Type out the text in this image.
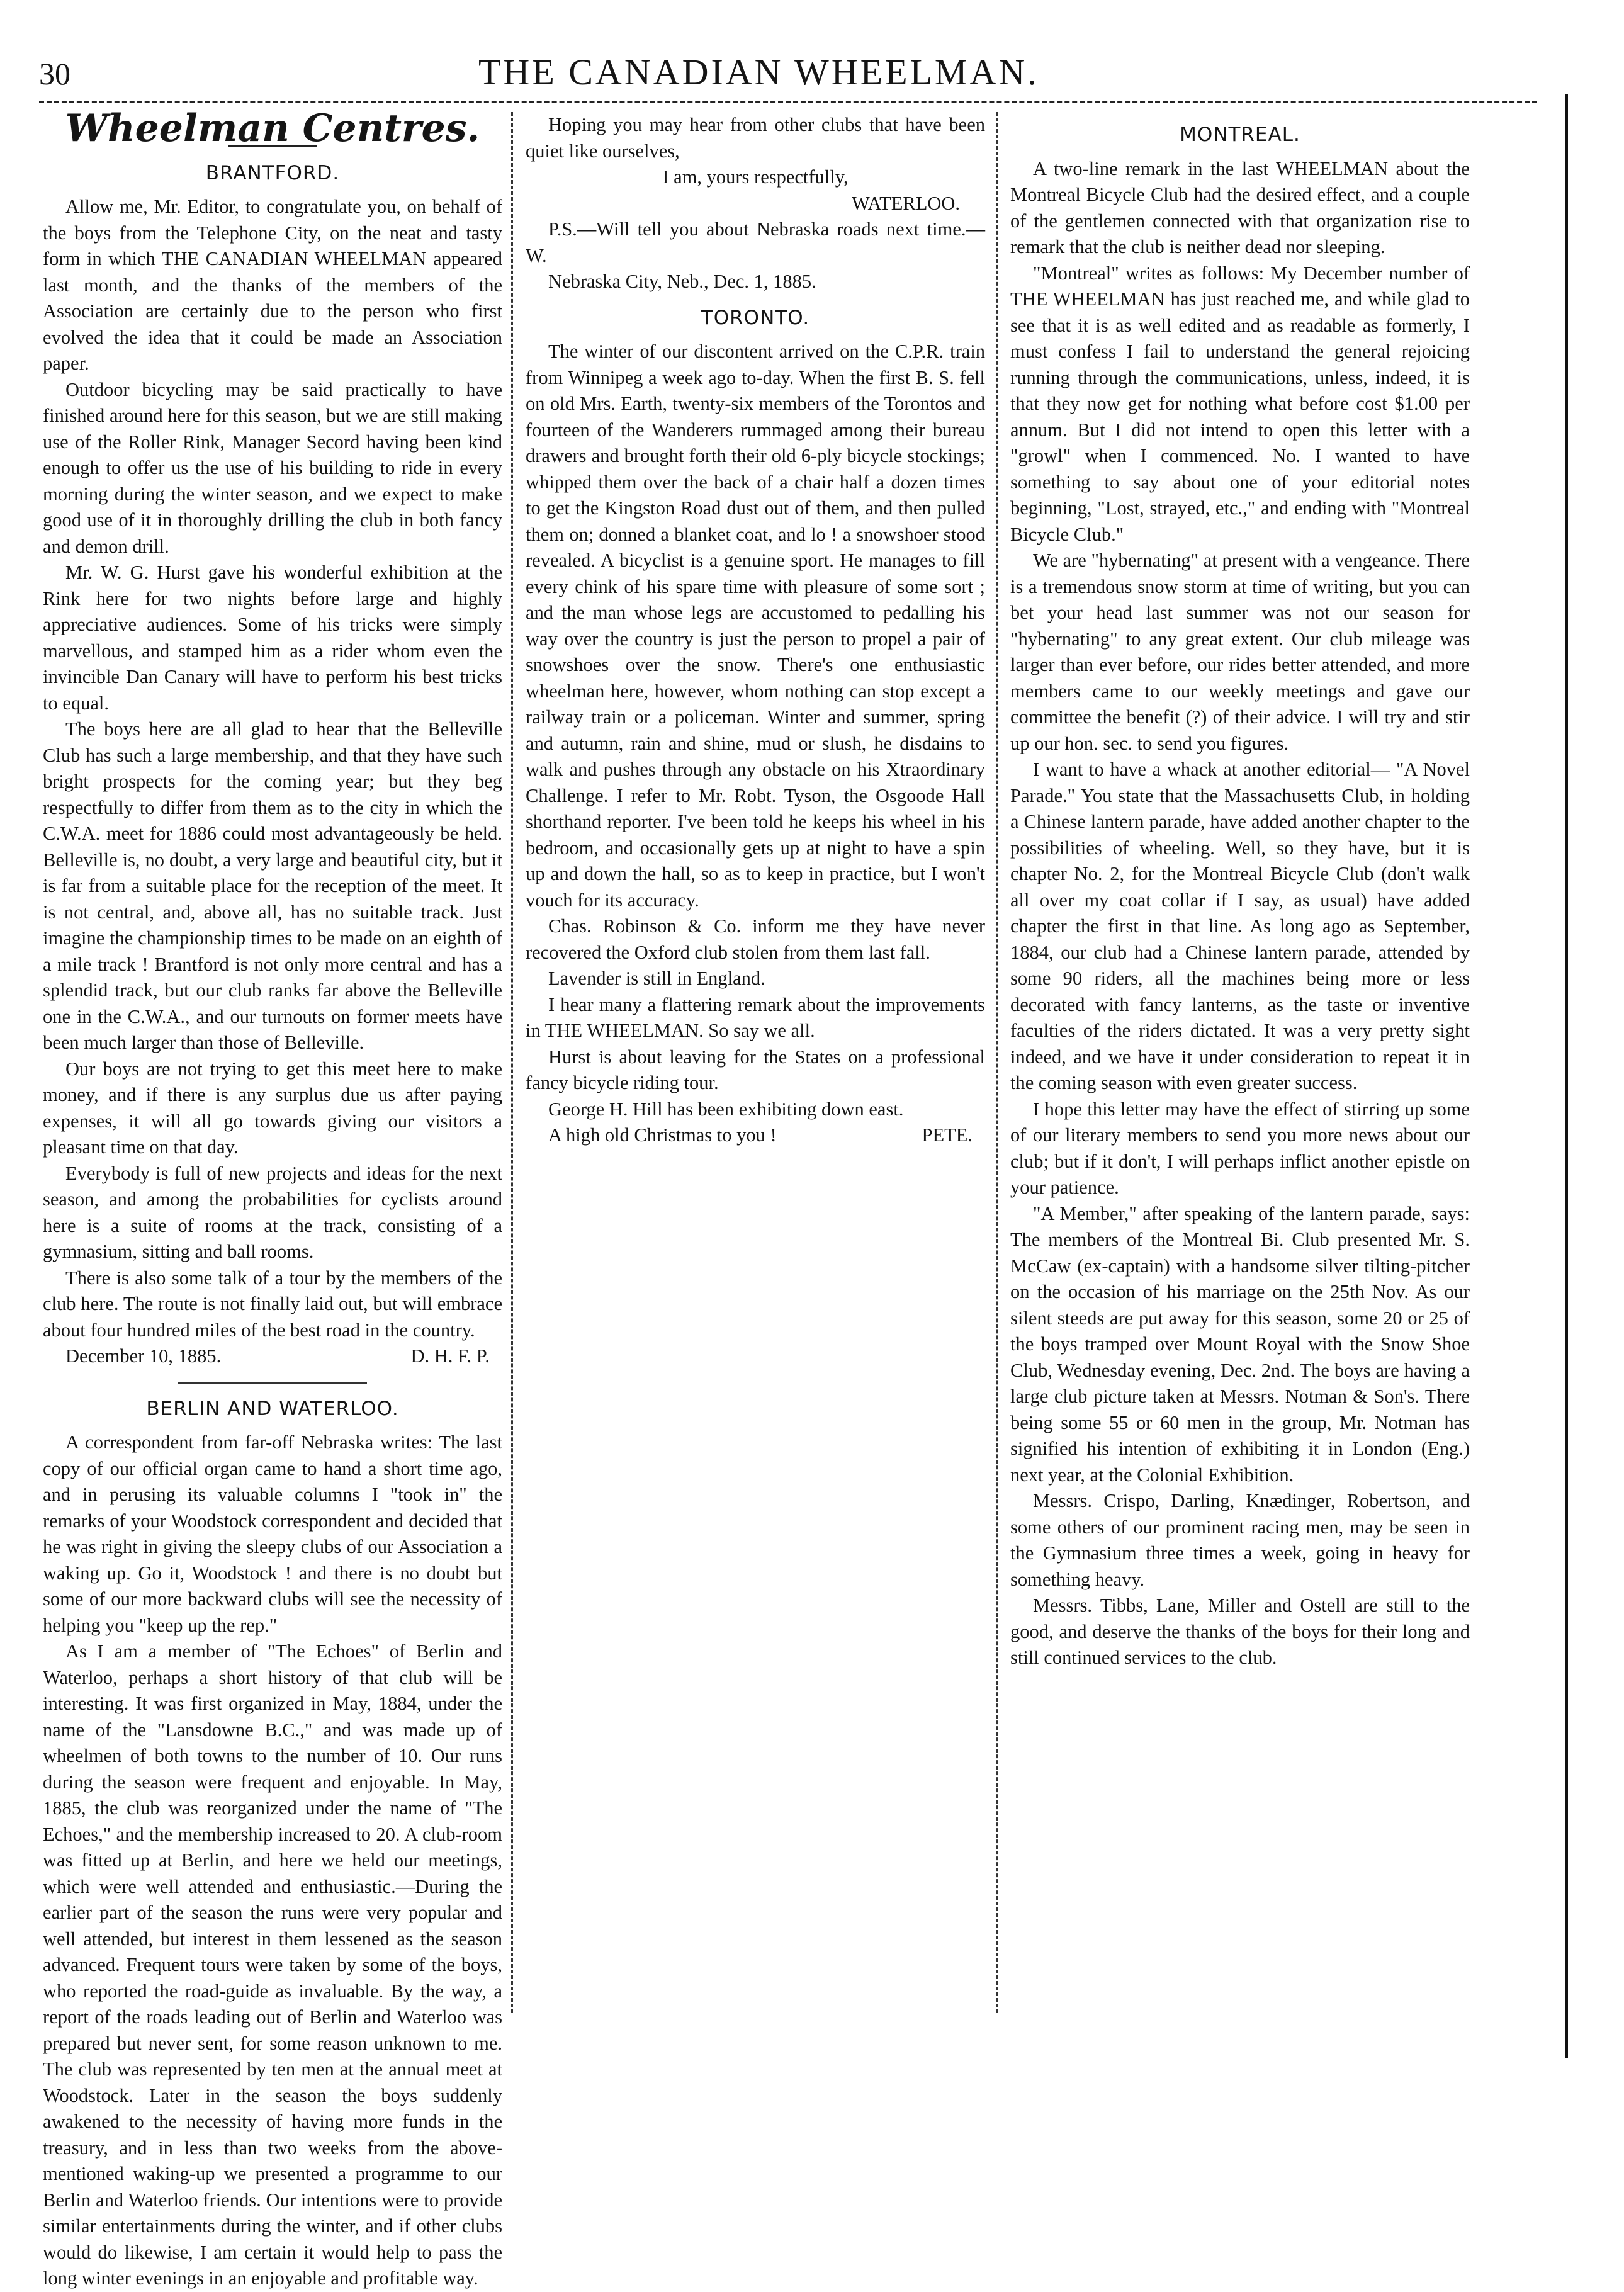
30	THE CANADIAN WHEELMAN.
Wheelman Centres.
BRANTFORD.

Allow me, Mr. Editor, to congratulate you, on behalf of the boys from the Telephone City, on the neat and tasty form in which THE CANADIAN WHEELMAN appeared last month, and the thanks of the members of the Association are certainly due to the person who first evolved the idea that it could be made an Association paper.

Outdoor bicycling may be said practically to have finished around here for this season, but we are still making use of the Roller Rink, Manager Secord having been kind enough to offer us the use of his building to ride in every morning during the winter season, and we expect to make good use of it in thoroughly drilling the club in both fancy and demon drill.

Mr. W. G. Hurst gave his wonderful exhibition at the Rink here for two nights before large and highly appreciative audiences. Some of his tricks were simply marvellous, and stamped him as a rider whom even the invincible Dan Canary will have to perform his best tricks to equal.

The boys here are all glad to hear that the Belleville Club has such a large membership, and that they have such bright prospects for the coming year; but they beg respectfully to differ from them as to the city in which the C.W.A. meet for 1886 could most advantageously be held. Belleville is, no doubt, a very large and beautiful city, but it is far from a suitable place for the reception of the meet. It is not central, and, above all, has no suitable track. Just imagine the championship times to be made on an eighth of a mile track ! Brantford is not only more central and has a splendid track, but our club ranks far above the Belleville one in the C.W.A., and our turnouts on former meets have been much larger than those of Belleville.

Our boys are not trying to get this meet here to make money, and if there is any surplus due us after paying expenses, it will all go towards giving our visitors a pleasant time on that day.

Everybody is full of new projects and ideas for the next season, and among the probabilities for cyclists around here is a suite of rooms at the track, consisting of a gymnasium, sitting and ball rooms.

There is also some talk of a tour by the members of the club here. The route is not finally laid out, but will embrace about four hundred miles of the best road in the country.

December 10, 1885.	D. H. F. P.
BERLIN AND WATERLOO.

A correspondent from far-off Nebraska writes: The last copy of our official organ came to hand a short time ago, and in perusing its valuable columns I "took in" the remarks of your Woodstock correspondent and decided that he was right in giving the sleepy clubs of our Association a waking up. Go it, Woodstock ! and there is no doubt but some of our more backward clubs will see the necessity of helping you "keep up the rep."

As I am a member of "The Echoes" of Berlin and Waterloo, perhaps a short history of that club will be interesting. It was first organized in May, 1884, under the name of the "Lansdowne B.C.," and was made up of wheelmen of both towns to the number of 10. Our runs during the season were frequent and enjoyable. In May, 1885, the club was reorganized under the name of "The Echoes," and the membership increased to 20. A club-room was fitted up at Berlin, and here we held our meetings, which were well attended and enthusiastic.—During the earlier part of the season the runs were very popular and well attended, but interest in them lessened as the season advanced. Frequent tours were taken by some of the boys, who reported the road-guide as invaluable. By the way, a report of the roads leading out of Berlin and Waterloo was prepared but never sent, for some reason unknown to me. The club was represented by ten men at the annual meet at Woodstock. Later in the season the boys suddenly awakened to the necessity of having more funds in the treasury, and in less than two weeks from the above-mentioned waking-up we presented a programme to our Berlin and Waterloo friends. Our intentions were to provide similar entertainments during the winter, and if other clubs would do likewise, I am certain it would help to pass the long winter evenings in an enjoyable and profitable way.

Hoping you may hear from other clubs that have been quiet like ourselves,

I am, yours respectfully,

WATERLOO.

P.S.—Will tell you about Nebraska roads next time.—W.

Nebraska City, Neb., Dec. 1, 1885.

TORONTO.

The winter of our discontent arrived on the C.P.R. train from Winnipeg a week ago to-day. When the first B. S. fell on old Mrs. Earth, twenty-six members of the Torontos and fourteen of the Wanderers rummaged among their bureau drawers and brought forth their old 6-ply bicycle stockings; whipped them over the back of a chair half a dozen times to get the Kingston Road dust out of them, and then pulled them on; donned a blanket coat, and lo ! a snowshoer stood revealed. A bicyclist is a genuine sport. He manages to fill every chink of his spare time with pleasure of some sort ; and the man whose legs are accustomed to pedalling his way over the country is just the person to propel a pair of snowshoes over the snow. There's one enthusiastic wheelman here, however, whom nothing can stop except a railway train or a policeman. Winter and summer, spring and autumn, rain and shine, mud or slush, he disdains to walk and pushes through any obstacle on his Xtraordinary Challenge. I refer to Mr. Robt. Tyson, the Osgoode Hall shorthand reporter. I've been told he keeps his wheel in his bedroom, and occasionally gets up at night to have a spin up and down the hall, so as to keep in practice, but I won't vouch for its accuracy.

Chas. Robinson & Co. inform me they have never recovered the Oxford club stolen from them last fall.

Lavender is still in England.

I hear many a flattering remark about the improvements in THE WHEELMAN. So say we all.

Hurst is about leaving for the States on a professional fancy bicycle riding tour.

George H. Hill has been exhibiting down east.

A high old Christmas to you !	PETE.
MONTREAL.

A two-line remark in the last WHEELMAN about the Montreal Bicycle Club had the desired effect, and a couple of the gentlemen connected with that organization rise to remark that the club is neither dead nor sleeping.

"Montreal" writes as follows: My December number of THE WHEELMAN has just reached me, and while glad to see that it is as well edited and as readable as formerly, I must confess I fail to understand the general rejoicing running through the communications, unless, indeed, it is that they now get for nothing what before cost $1.00 per annum. But I did not intend to open this letter with a "growl" when I commenced. No. I wanted to have something to say about one of your editorial notes beginning, "Lost, strayed, etc.," and ending with "Montreal Bicycle Club."

We are "hybernating" at present with a vengeance. There is a tremendous snow storm at time of writing, but you can bet your head last summer was not our season for "hybernating" to any great extent. Our club mileage was larger than ever before, our rides better attended, and more members came to our weekly meetings and gave our committee the benefit (?) of their advice. I will try and stir up our hon. sec. to send you figures.

I want to have a whack at another editorial— "A Novel Parade." You state that the Massachusetts Club, in holding a Chinese lantern parade, have added another chapter to the possibilities of wheeling. Well, so they have, but it is chapter No. 2, for the Montreal Bicycle Club (don't walk all over my coat collar if I say, as usual) have added chapter the first in that line. As long ago as September, 1884, our club had a Chinese lantern parade, attended by some 90 riders, all the machines being more or less decorated with fancy lanterns, as the taste or inventive faculties of the riders dictated. It was a very pretty sight indeed, and we have it under consideration to repeat it in the coming season with even greater success.

I hope this letter may have the effect of stirring up some of our literary members to send you more news about our club; but if it don't, I will perhaps inflict another epistle on your patience.

"A Member," after speaking of the lantern parade, says: The members of the Montreal Bi. Club presented Mr. S. McCaw (ex-captain) with a handsome silver tilting-pitcher on the occasion of his marriage on the 25th Nov. As our silent steeds are put away for this season, some 20 or 25 of the boys tramped over Mount Royal with the Snow Shoe Club, Wednesday evening, Dec. 2nd. The boys are having a large club picture taken at Messrs. Notman & Son's. There being some 55 or 60 men in the group, Mr. Notman has signified his intention of exhibiting it in London (Eng.) next year, at the Colonial Exhibition.

Messrs. Crispo, Darling, Knædinger, Robertson, and some others of our prominent racing men, may be seen in the Gymnasium three times a week, going in heavy for something heavy.

Messrs. Tibbs, Lane, Miller and Ostell are still to the good, and deserve the thanks of the boys for their long and still continued services to the club.
